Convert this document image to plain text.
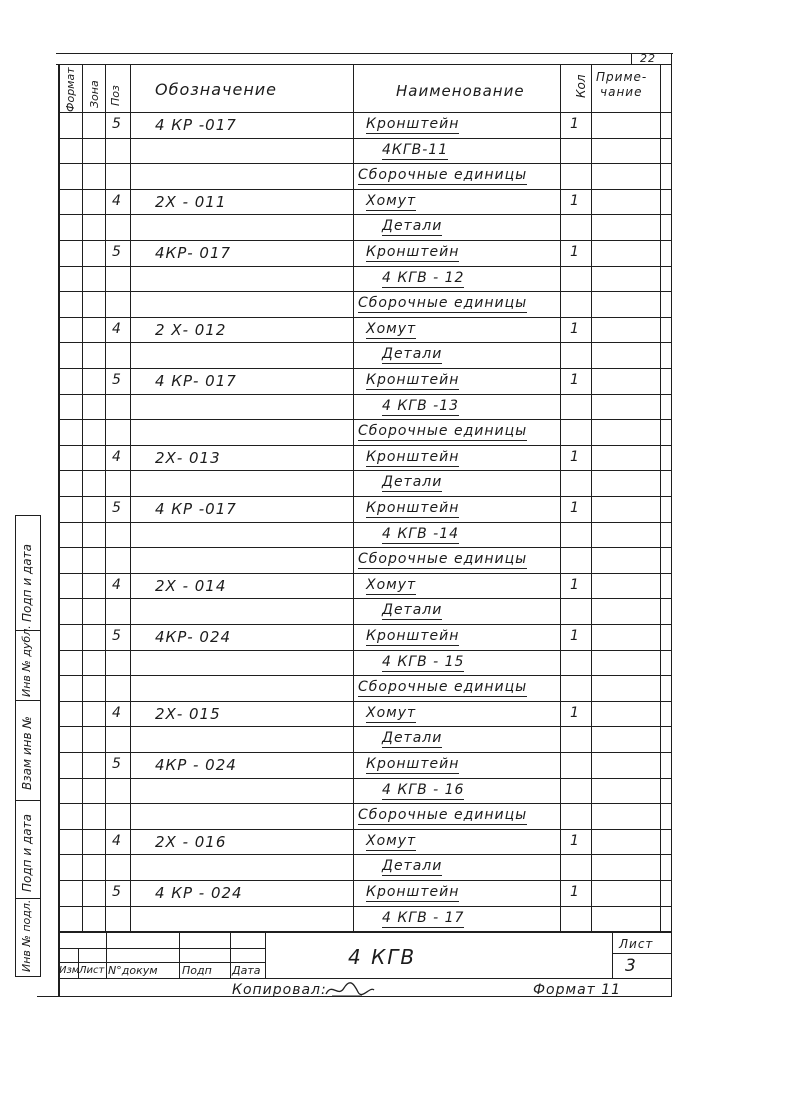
22
Формат Зона Поз	Кол
Обозначение	Наименование
Приме-
чание
5 4 КР -017	Кронштейн	1
4КГВ-11
Сборочные единицы
4 2Х - 011	Хомут	1
Детали
5 4КР- 017	Кронштейн	1
4 КГВ - 12
Сборочные единицы
4 2 Х- 012	Хомут	1
Детали
5 4 КР- 017	Кронштейн	1
4 КГВ -13
Сборочные единицы
4 2Х- 013	Кронштейн	1
Детали
5 4 КР -017	Кронштейн	1
4 КГВ -14
Сборочные единицы
4 2Х - 014	Хомут	1
Детали
5 4КР- 024	Кронштейн	1
4 КГВ - 15
Сборочные единицы
4 2Х- 015	Хомут	1
Детали
5 4КР - 024	Кронштейн
4 КГВ - 16
Сборочные единицы
4 2Х - 016	Хомут	1
Детали
5 4 КР - 024	Кронштейн	1
4 КГВ - 17
Подп и дата
Инв № дубл.
Взам инв №
Подп и дата
Инв № подл.	Изм Лист N°докум Подп Дата
4 КГВ
Лист
3
Копировал:	Формат 11
